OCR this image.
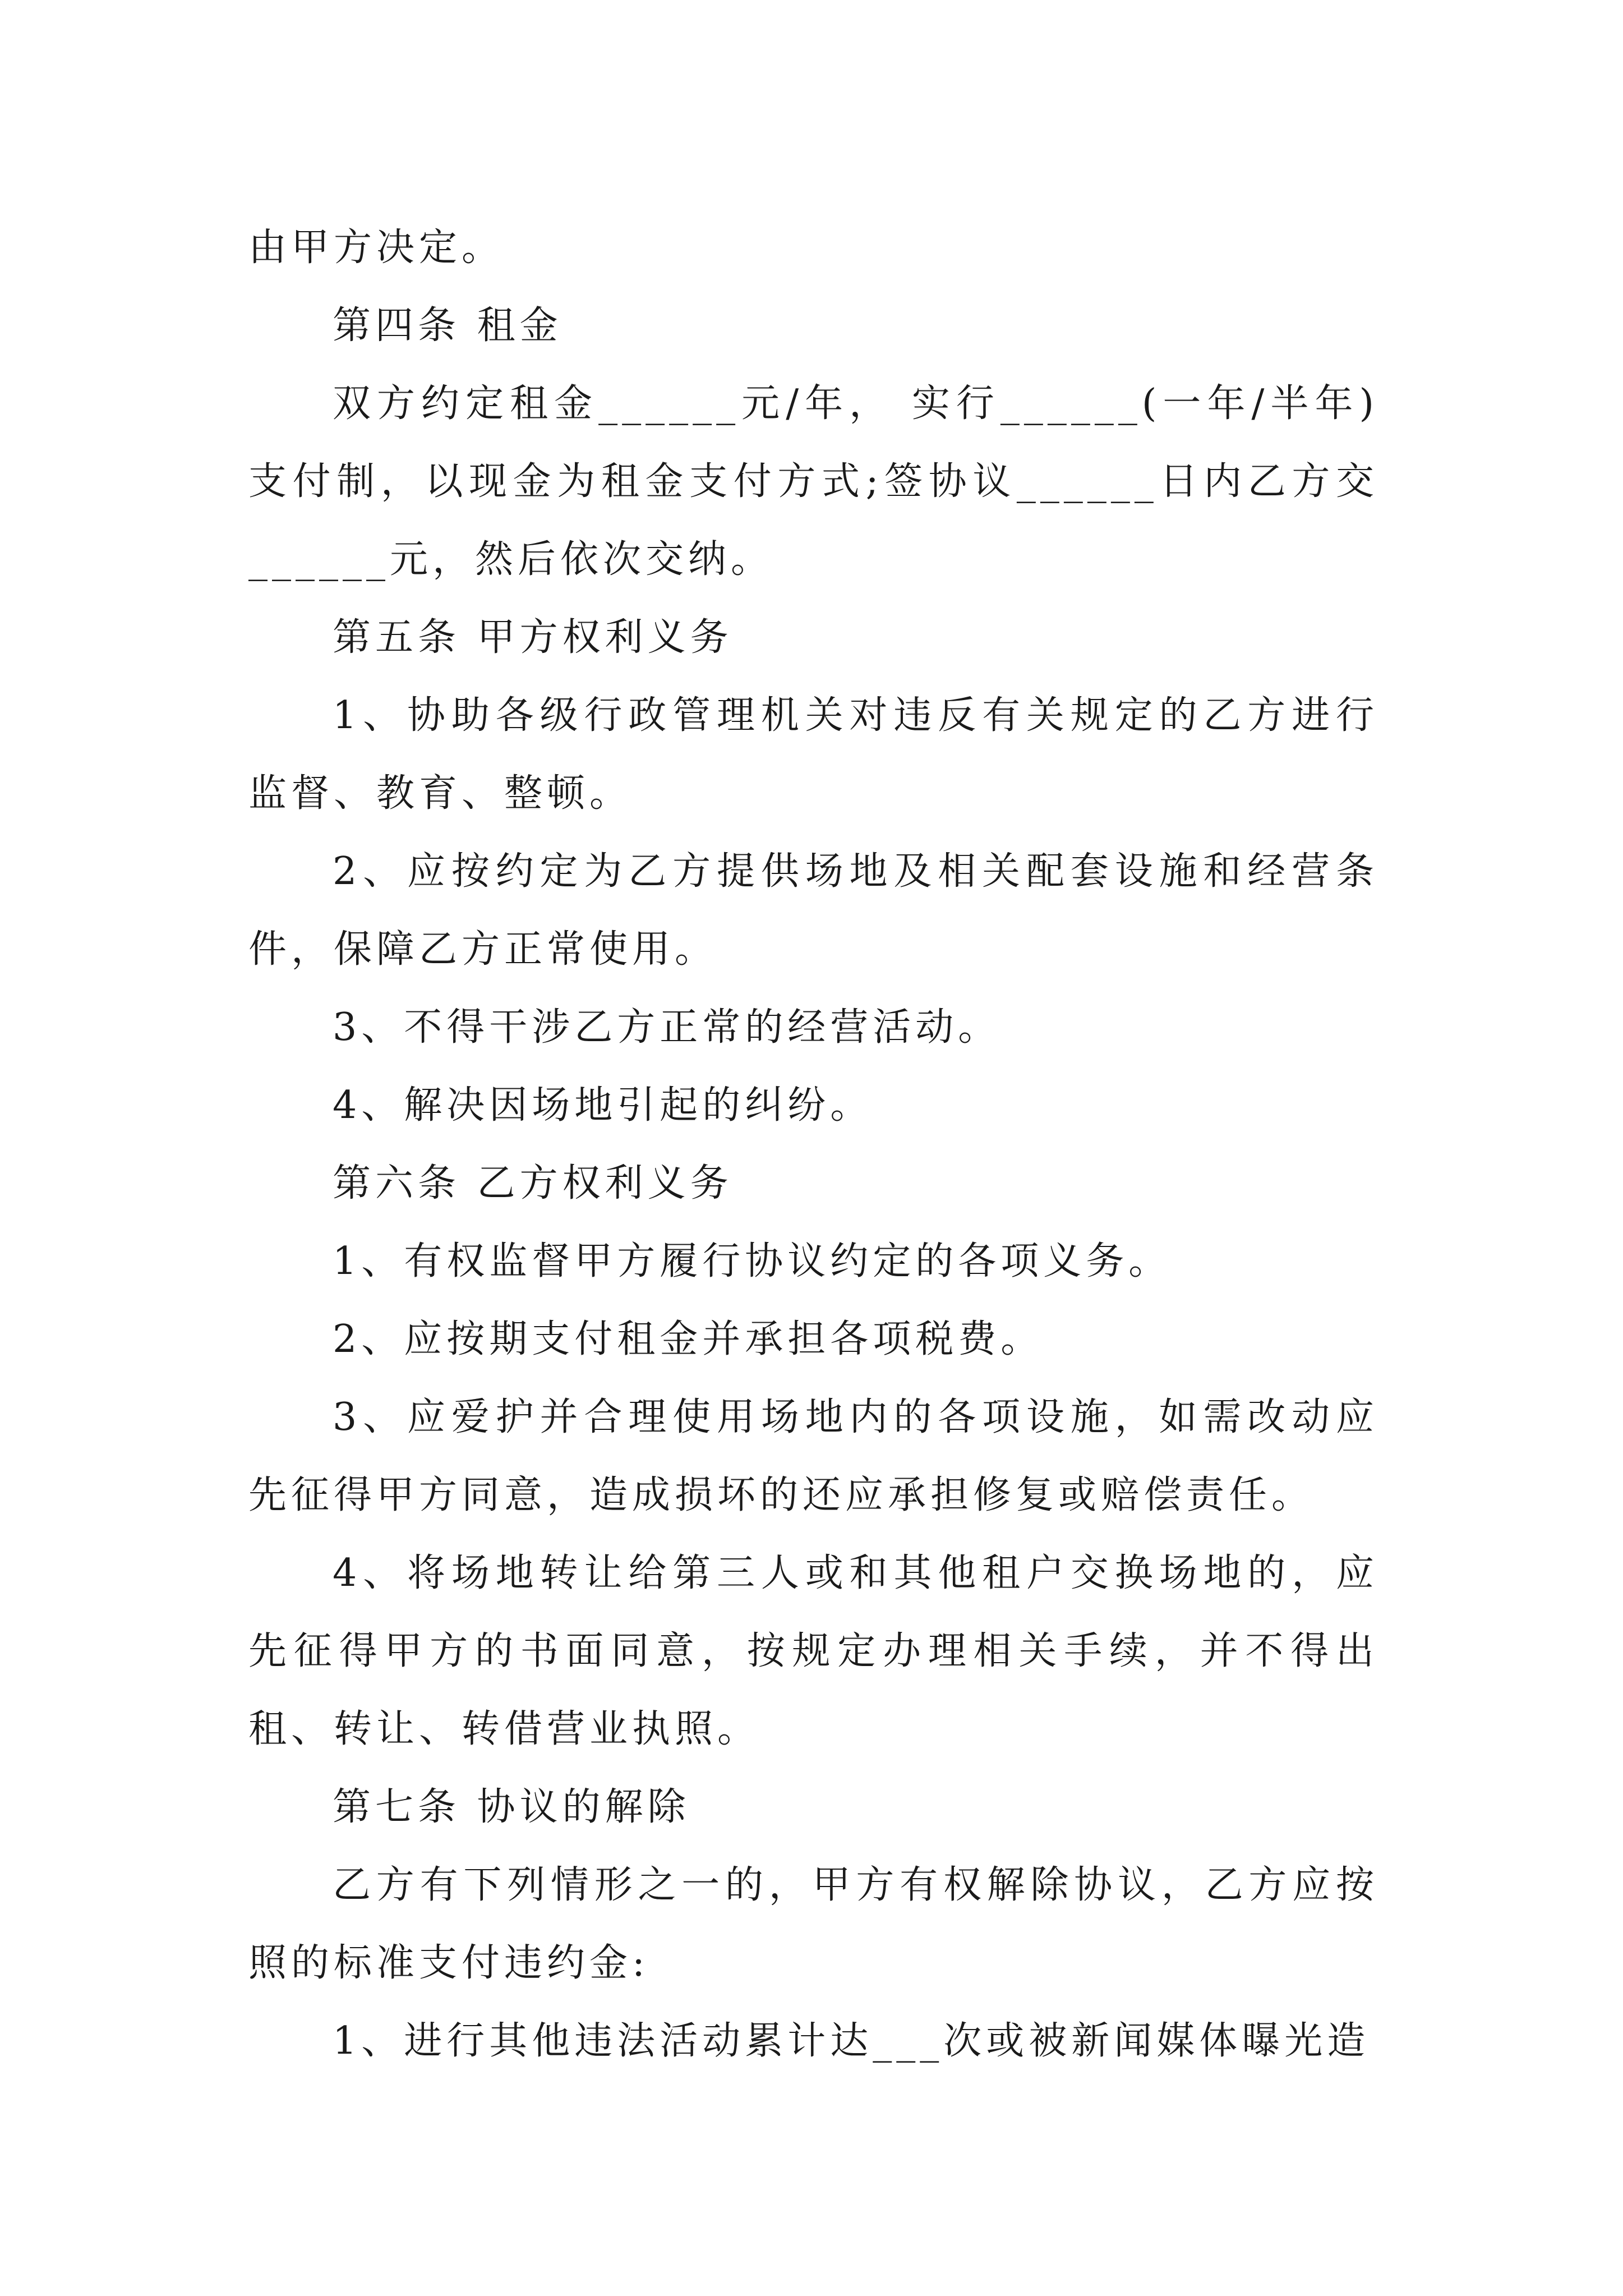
由甲方决定。

第四条 租金

双方约定租金______元/年， 实行______(一年/半年)支付制，以现金为租金支付方式;签协议______日内乙方交______元，然后依次交纳。

第五条 甲方权利义务

1、协助各级行政管理机关对违反有关规定的乙方进行监督、教育、整顿。

2、应按约定为乙方提供场地及相关配套设施和经营条件，保障乙方正常使用。

3、不得干涉乙方正常的经营活动。

4、解决因场地引起的纠纷。

第六条 乙方权利义务

1、有权监督甲方履行协议约定的各项义务。

2、应按期支付租金并承担各项税费。

3、应爱护并合理使用场地内的各项设施，如需改动应先征得甲方同意，造成损坏的还应承担修复或赔偿责任。

4、将场地转让给第三人或和其他租户交换场地的，应先征得甲方的书面同意，按规定办理相关手续，并不得出租、转让、转借营业执照。

第七条 协议的解除

乙方有下列情形之一的，甲方有权解除协议，乙方应按照的标准支付违约金:

1、进行其他违法活动累计达___次或被新闻媒体曝光造
